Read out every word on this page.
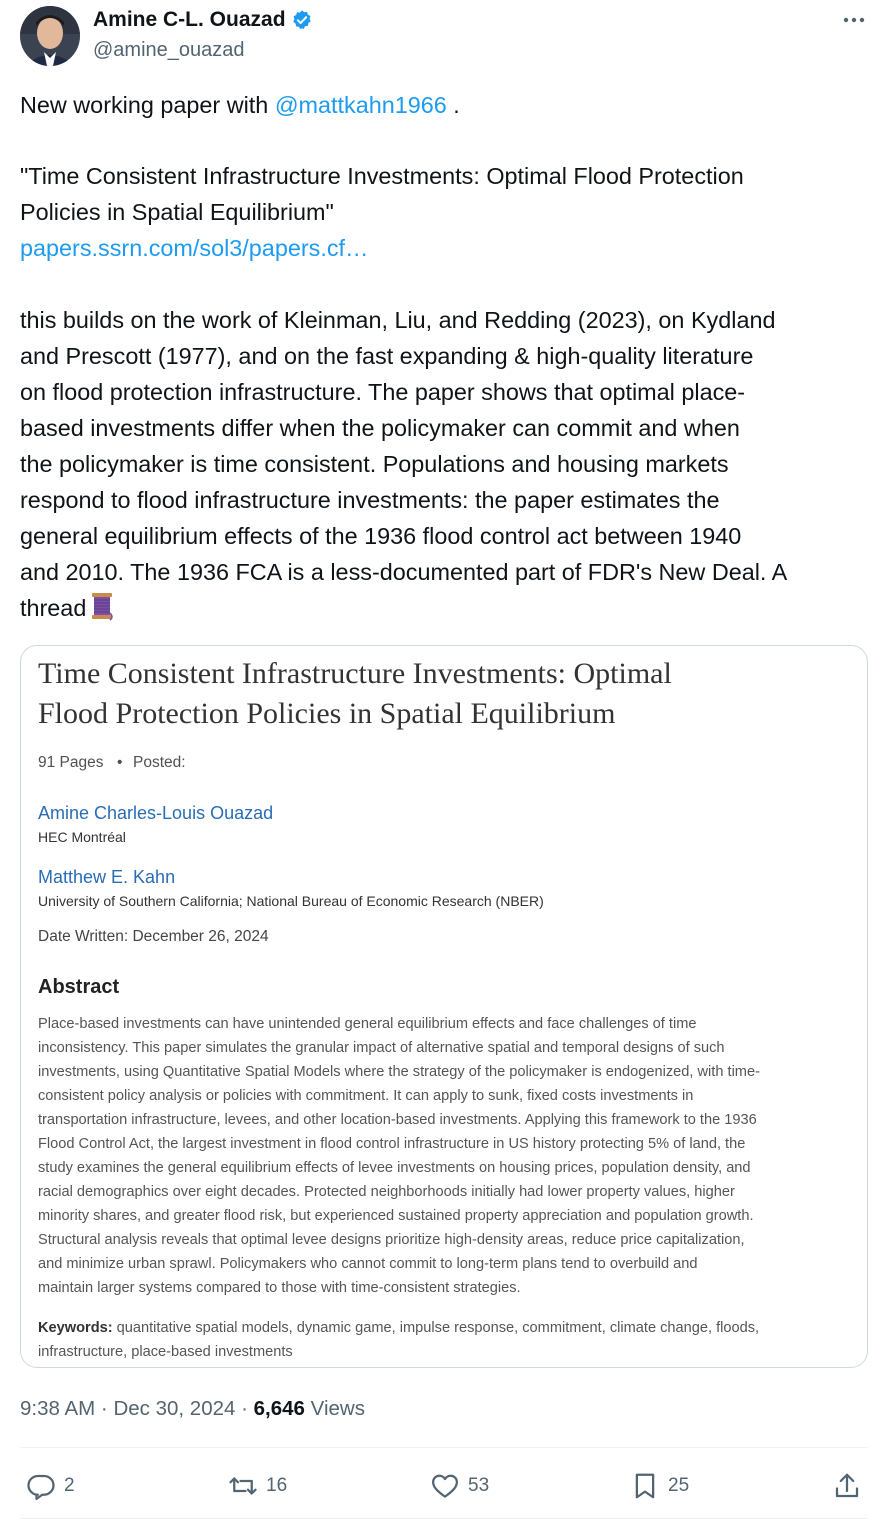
Amine C-L. Ouazad
@amine_ouazad
New working paper with @mattkahn1966 .
"Time Consistent Infrastructure Investments: Optimal Flood Protection
Policies in Spatial Equilibrium"
papers.ssrn.com/sol3/papers.cf…
this builds on the work of Kleinman, Liu, and Redding (2023), on Kydland
and Prescott (1977), and on the fast expanding & high-quality literature
on flood protection infrastructure. The paper shows that optimal place-
based investments differ when the policymaker can commit and when
the policymaker is time consistent. Populations and housing markets
respond to flood infrastructure investments: the paper estimates the
general equilibrium effects of the 1936 flood control act between 1940
and 2010. The 1936 FCA is a less-documented part of FDR's New Deal. A
thread
Time Consistent Infrastructure Investments: Optimal
Flood Protection Policies in Spatial Equilibrium
91 Pages • Posted:
Amine Charles-Louis Ouazad
HEC Montréal
Matthew E. Kahn
University of Southern California; National Bureau of Economic Research (NBER)
Date Written: December 26, 2024
Abstract
Place-based investments can have unintended general equilibrium effects and face challenges of time
inconsistency. This paper simulates the granular impact of alternative spatial and temporal designs of such
investments, using Quantitative Spatial Models where the strategy of the policymaker is endogenized, with time-
consistent policy analysis or policies with commitment. It can apply to sunk, fixed costs investments in
transportation infrastructure, levees, and other location-based investments. Applying this framework to the 1936
Flood Control Act, the largest investment in flood control infrastructure in US history protecting 5% of land, the
study examines the general equilibrium effects of levee investments on housing prices, population density, and
racial demographics over eight decades. Protected neighborhoods initially had lower property values, higher
minority shares, and greater flood risk, but experienced sustained property appreciation and population growth.
Structural analysis reveals that optimal levee designs prioritize high-density areas, reduce price capitalization,
and minimize urban sprawl. Policymakers who cannot commit to long-term plans tend to overbuild and
maintain larger systems compared to those with time-consistent strategies.
Keywords: quantitative spatial models, dynamic game, impulse response, commitment, climate change, floods,
infrastructure, place-based investments
9:38 AM · Dec 30, 2024 · 6,646 Views
2	16	53	25
